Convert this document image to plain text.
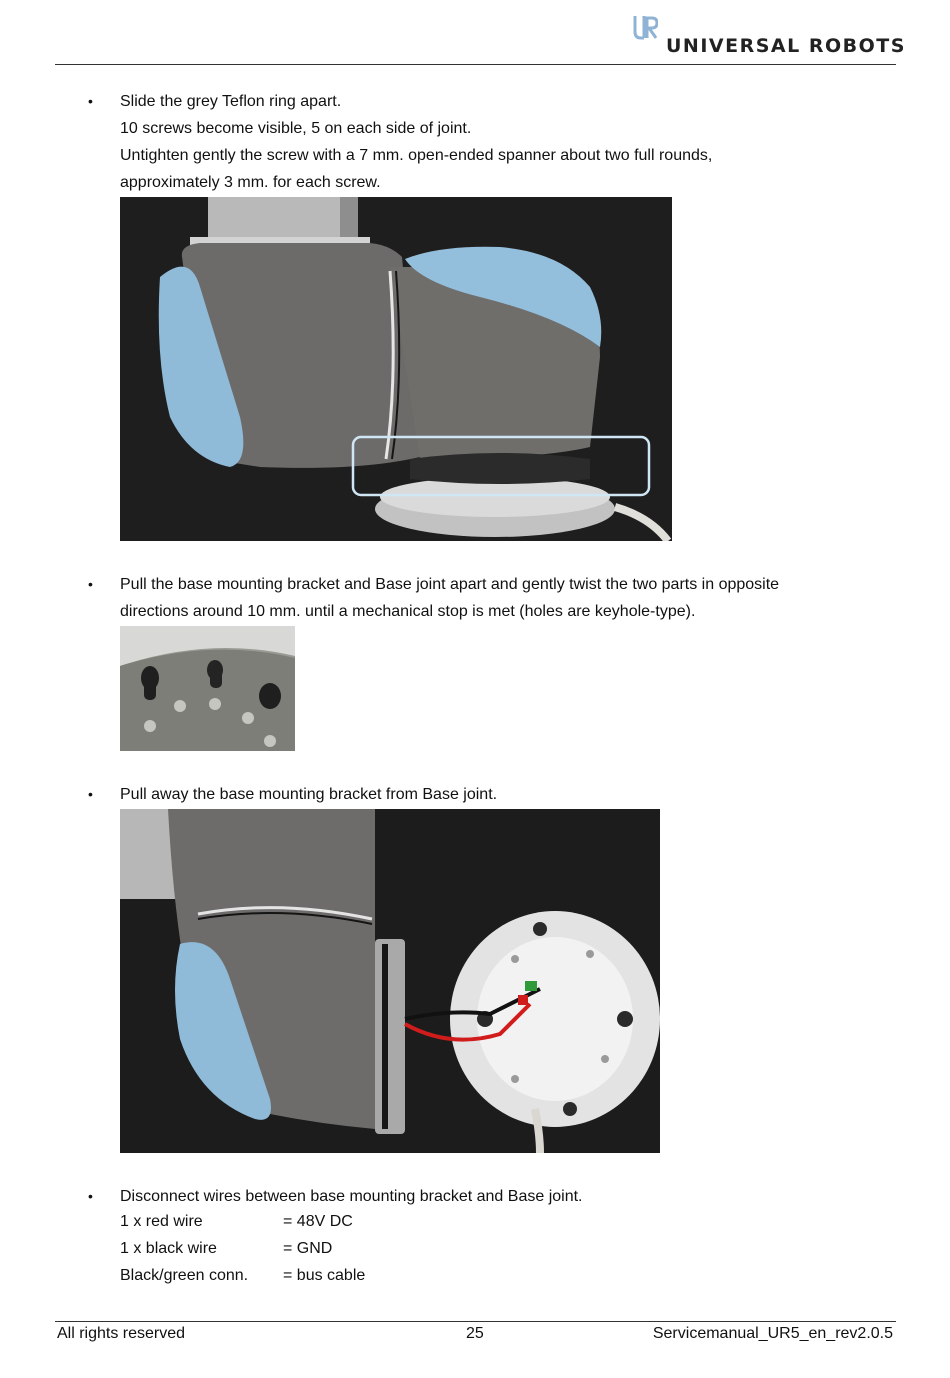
UNIVERSAL ROBOTS
• Slide the grey Teflon ring apart.
10 screws become visible, 5 on each side of joint.
Untighten gently the screw with a 7 mm. open-ended spanner about two full rounds,
approximately 3 mm. for each screw.
• Pull the base mounting bracket and Base joint apart and gently twist the two parts in opposite
directions around 10 mm. until a mechanical stop is met (holes are keyhole-type).
• Pull away the base mounting bracket from Base joint.
• Disconnect wires between base mounting bracket and Base joint.
1 x red wire	= 48V DC
1 x black wire	= GND
Black/green conn.	= bus cable
All rights reserved	25	Servicemanual_UR5_en_rev2.0.5
